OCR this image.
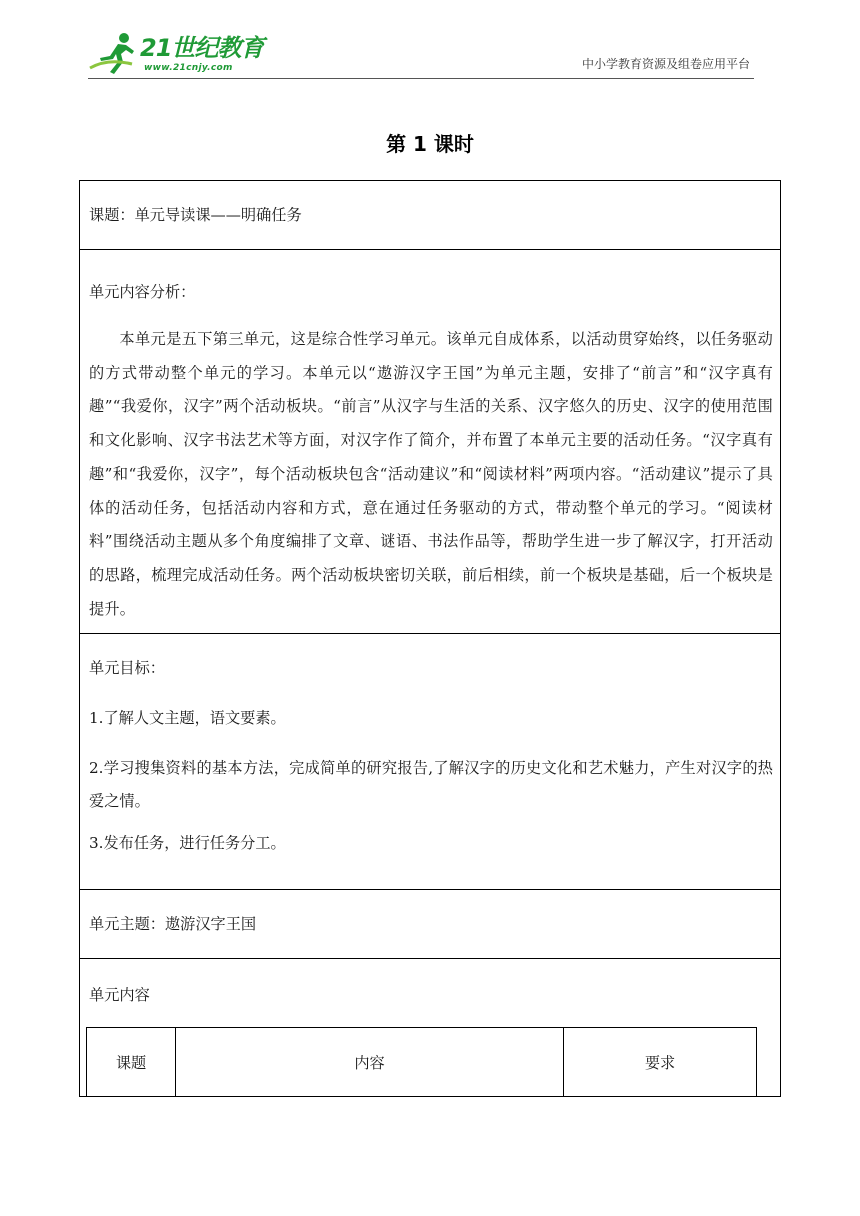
21世纪教育
www.21cnjy.com	中小学教育资源及组卷应用平台
第 1 课时
课题：单元导读课——明确任务
单元内容分析：
本单元是五下第三单元，这是综合性学习单元。该单元自成体系，以活动贯穿始终，以任务驱动的方式带动整个单元的学习。本单元以“遨游汉字王国”为单元主题，安排了“前言”和“汉字真有趣”“我爱你，汉字”两个活动板块。“前言”从汉字与生活的关系、汉字悠久的历史、汉字的使用范围和文化影响、汉字书法艺术等方面，对汉字作了简介，并布置了本单元主要的活动任务。“汉字真有趣”和“我爱你，汉字”，每个活动板块包含“活动建议”和“阅读材料”两项内容。“活动建议”提示了具体的活动任务，包括活动内容和方式，意在通过任务驱动的方式，带动整个单元的学习。“阅读材料”围绕活动主题从多个角度编排了文章、谜语、书法作品等，帮助学生进一步了解汉字，打开活动的思路，梳理完成活动任务。两个活动板块密切关联，前后相续，前一个板块是基础，后一个板块是提升。
单元目标：
1.了解人文主题，语文要素。
2.学习搜集资料的基本方法，完成简单的研究报告,了解汉字的历史文化和艺术魅力，产生对汉字的热爱之情。
3.发布任务，进行任务分工。
单元主题：遨游汉字王国
单元内容
课题	内容	要求
